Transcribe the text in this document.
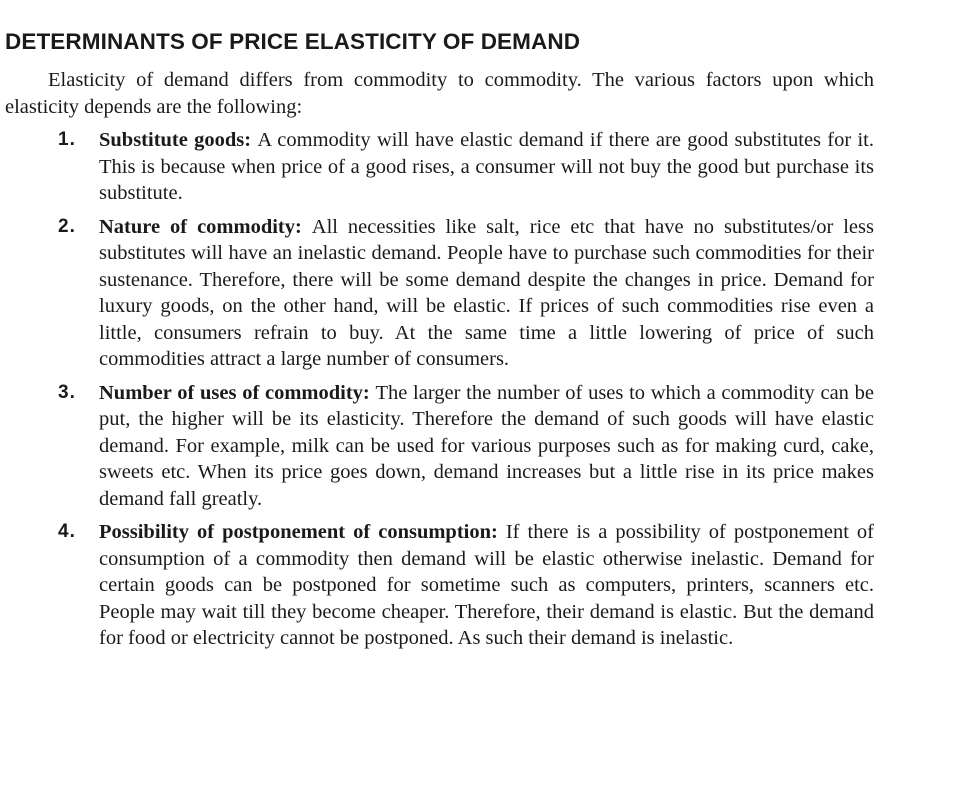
DETERMINANTS OF PRICE ELASTICITY OF DEMAND

Elasticity of demand differs from commodity to commodity. The various factors upon which elasticity depends are the following:

1. Substitute goods: A commodity will have elastic demand if there are good substitutes for it. This is because when price of a good rises, a consumer will not buy the good but purchase its substitute.
2. Nature of commodity: All necessities like salt, rice etc that have no substitutes/or less substitutes will have an inelastic demand. People have to purchase such commodities for their sustenance. Therefore, there will be some demand despite the changes in price. Demand for luxury goods, on the other hand, will be elastic. If prices of such commodities rise even a little, consumers refrain to buy. At the same time a little lowering of price of such commodities attract a large number of consumers.
3. Number of uses of commodity: The larger the number of uses to which a commodity can be put, the higher will be its elasticity. Therefore the demand of such goods will have elastic demand. For example, milk can be used for various purposes such as for making curd, cake, sweets etc. When its price goes down, demand increases but a little rise in its price makes demand fall greatly.
4. Possibility of postponement of consumption: If there is a possibility of postponement of consumption of a commodity then demand will be elastic otherwise inelastic. Demand for certain goods can be postponed for sometime such as computers, printers, scanners etc. People may wait till they become cheaper. Therefore, their demand is elastic. But the demand for food or electricity cannot be postponed. As such their demand is inelastic.
